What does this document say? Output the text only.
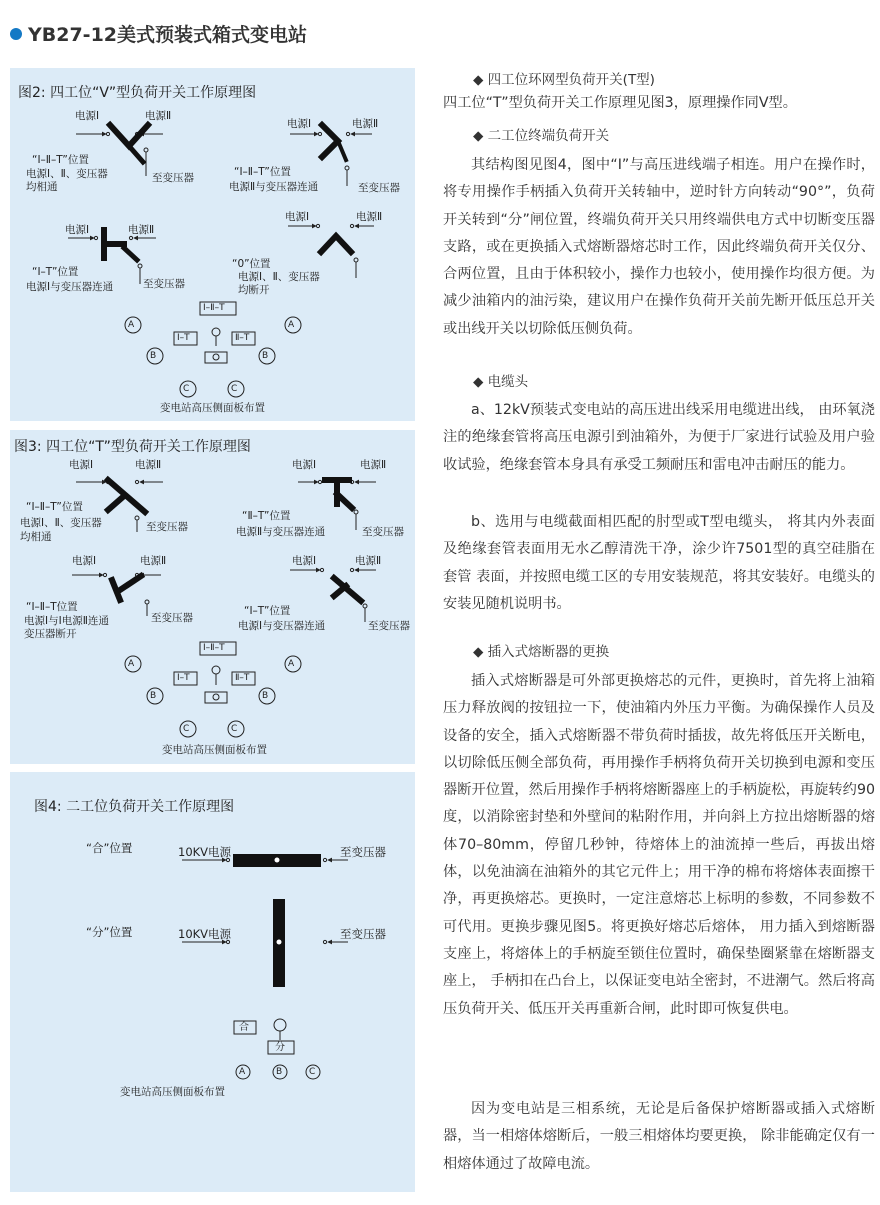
YB27-12美式预装式箱式变电站
图2: 四工位“V”型负荷开关工作原理图
电源Ⅰ	电源Ⅱ
“Ⅰ–Ⅱ–T”位置
电源Ⅰ、Ⅱ、变压器
均相通
至变压器
电源Ⅰ	电源Ⅱ
“Ⅰ–Ⅱ–T”位置
电源Ⅱ与变压器连通	至变压器
电源Ⅰ	电源Ⅱ
“Ⅰ–T”位置
电源Ⅰ与变压器连通	至变压器
电源Ⅰ	电源Ⅱ
“0”位置
电源Ⅰ、Ⅱ、变压器
均断开
Ⅰ–Ⅱ–T
Ⅰ–T	Ⅱ–T
A	A
B	B
C	C
变电站高压侧面板布置
图3: 四工位“T”型负荷开关工作原理图
电源Ⅰ	电源Ⅱ
“Ⅰ–Ⅱ–T”位置
电源Ⅰ、Ⅱ、变压器
均相通
至变压器
电源Ⅰ	电源Ⅱ
“Ⅱ–T”位置
电源Ⅱ与变压器连通	至变压器
电源Ⅰ	电源Ⅱ
“Ⅰ–Ⅱ–T位置
电源Ⅰ与Ⅰ电源Ⅱ连通
变压器断开
至变压器
电源Ⅰ	电源Ⅱ
“Ⅰ–T”位置
电源Ⅰ与变压器连通	至变压器
Ⅰ–Ⅱ–T
Ⅰ–T	Ⅱ–T
A	A
B	B
C	C
变电站高压侧面板布置
图4: 二工位负荷开关工作原理图
“合”位置	10KV电源	至变压器
“分”位置	10KV电源	至变压器
合
分
A	B	C
变电站高压侧面板布置
◆ 四工位环网型负荷开关(T型)
四工位“T”型负荷开关工作原理见图3，原理操作同V型。
◆ 二工位终端负荷开关
其结构图见图4，图中“I”与高压进线端子相连。用户在操作时，将专用操作手柄插入负荷开关转轴中，逆时针方向转动“90°”，负荷开关转到“分”闸位置，终端负荷开关只用终端供电方式中切断变压器支路，或在更换插入式熔断器熔芯时工作，因此终端负荷开关仅分、合两位置，且由于体积较小，操作力也较小，使用操作均很方便。为减少油箱内的油污染，建议用户在操作负荷开关前先断开低压总开关或出线开关以切除低压侧负荷。
◆ 电缆头
a、12kV预装式变电站的高压进出线采用电缆进出线， 由环氧浇注的绝缘套管将高压电源引到油箱外，为便于厂家进行试验及用户验收试验，绝缘套管本身具有承受工频耐压和雷电冲击耐压的能力。
b、选用与电缆截面相匹配的肘型或T型电缆头， 将其内外表面及绝缘套管表面用无水乙醇清洗干净，涂少许7501型的真空硅脂在套管 表面，并按照电缆工区的专用安装规范，将其安装好。电缆头的安装见随机说明书。
◆ 插入式熔断器的更换
插入式熔断器是可外部更换熔芯的元件，更换时，首先将上油箱压力释放阀的按钮拉一下，使油箱内外压力平衡。为确保操作人员及设备的安全，插入式熔断器不带负荷时插拔，故先将低压开关断电，以切除低压侧全部负荷，再用操作手柄将负荷开关切换到电源和变压器断开位置，然后用操作手柄将熔断器座上的手柄旋松，再旋转约90度，以消除密封垫和外壁间的粘附作用，并向斜上方拉出熔断器的熔体70–80mm，停留几秒钟，待熔体上的油流掉一些后，再拔出熔体，以免油滴在油箱外的其它元件上；用干净的棉布将熔体表面擦干净，再更换熔芯。更换时，一定注意熔芯上标明的参数，不同参数不可代用。更换步骤见图5。将更换好熔芯后熔体， 用力插入到熔断器支座上，将熔体上的手柄旋至锁住位置时，确保垫圈紧靠在熔断器支座上， 手柄扣在凸台上，以保证变电站全密封，不进潮气。然后将高压负荷开关、低压开关再重新合闸，此时即可恢复供电。
因为变电站是三相系统，无论是后备保护熔断器或插入式熔断器，当一相熔体熔断后，一般三相熔体均要更换， 除非能确定仅有一相熔体通过了故障电流。
